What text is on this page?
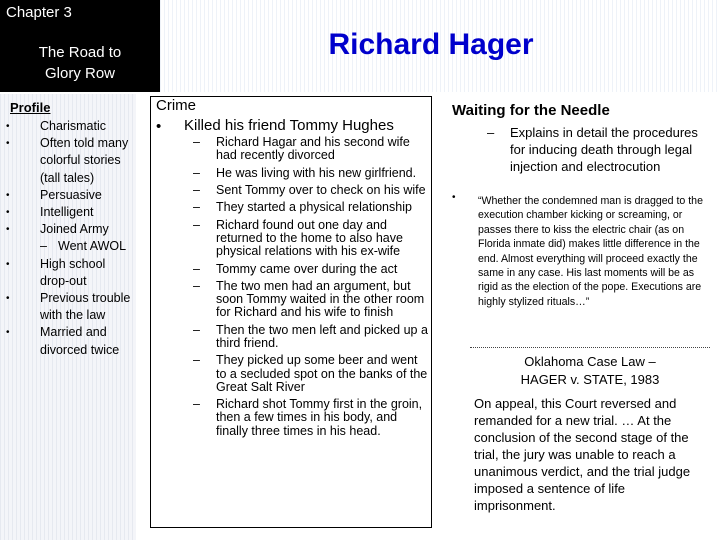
Chapter 3
The Road to
Glory Row
Richard Hager
Profile
• Charismatic
• Often told many colorful stories (tall tales)
• Persuasive
• Intelligent
• Joined Army
– Went AWOL
• High school drop-out
• Previous trouble with the law
• Married and divorced twice
Crime
• Killed his friend Tommy Hughes
– Richard Hagar and his second wife had recently divorced
– He was living with his new girlfriend.
– Sent Tommy over to check on his wife
– They started a physical relationship
– Richard found out one day and returned to the home to also have physical relations with his ex-wife
– Tommy came over during the act
– The two men had an argument, but soon Tommy waited in the other room for Richard and his wife to finish
– Then the two men left and picked up a third friend.
– They picked up some beer and went to a secluded spot on the banks of the Great Salt River
– Richard shot Tommy first in the groin, then a few times in his body, and finally three times in his head.
Waiting for the Needle
– Explains in detail the procedures for inducing death through legal injection and electrocution
• “Whether the condemned man is dragged to the execution chamber kicking or screaming, or passes there to kiss the electric chair (as on Florida inmate did) makes little difference in the end. Almost everything will proceed exactly the same in any case. His last moments will be as rigid as the election of the pope. Executions are highly stylized rituals…”
Oklahoma Case Law –
HAGER v. STATE, 1983
On appeal, this Court reversed and remanded for a new trial. … At the conclusion of the second stage of the trial, the jury was unable to reach a unanimous verdict, and the trial judge imposed a sentence of life imprisonment.
